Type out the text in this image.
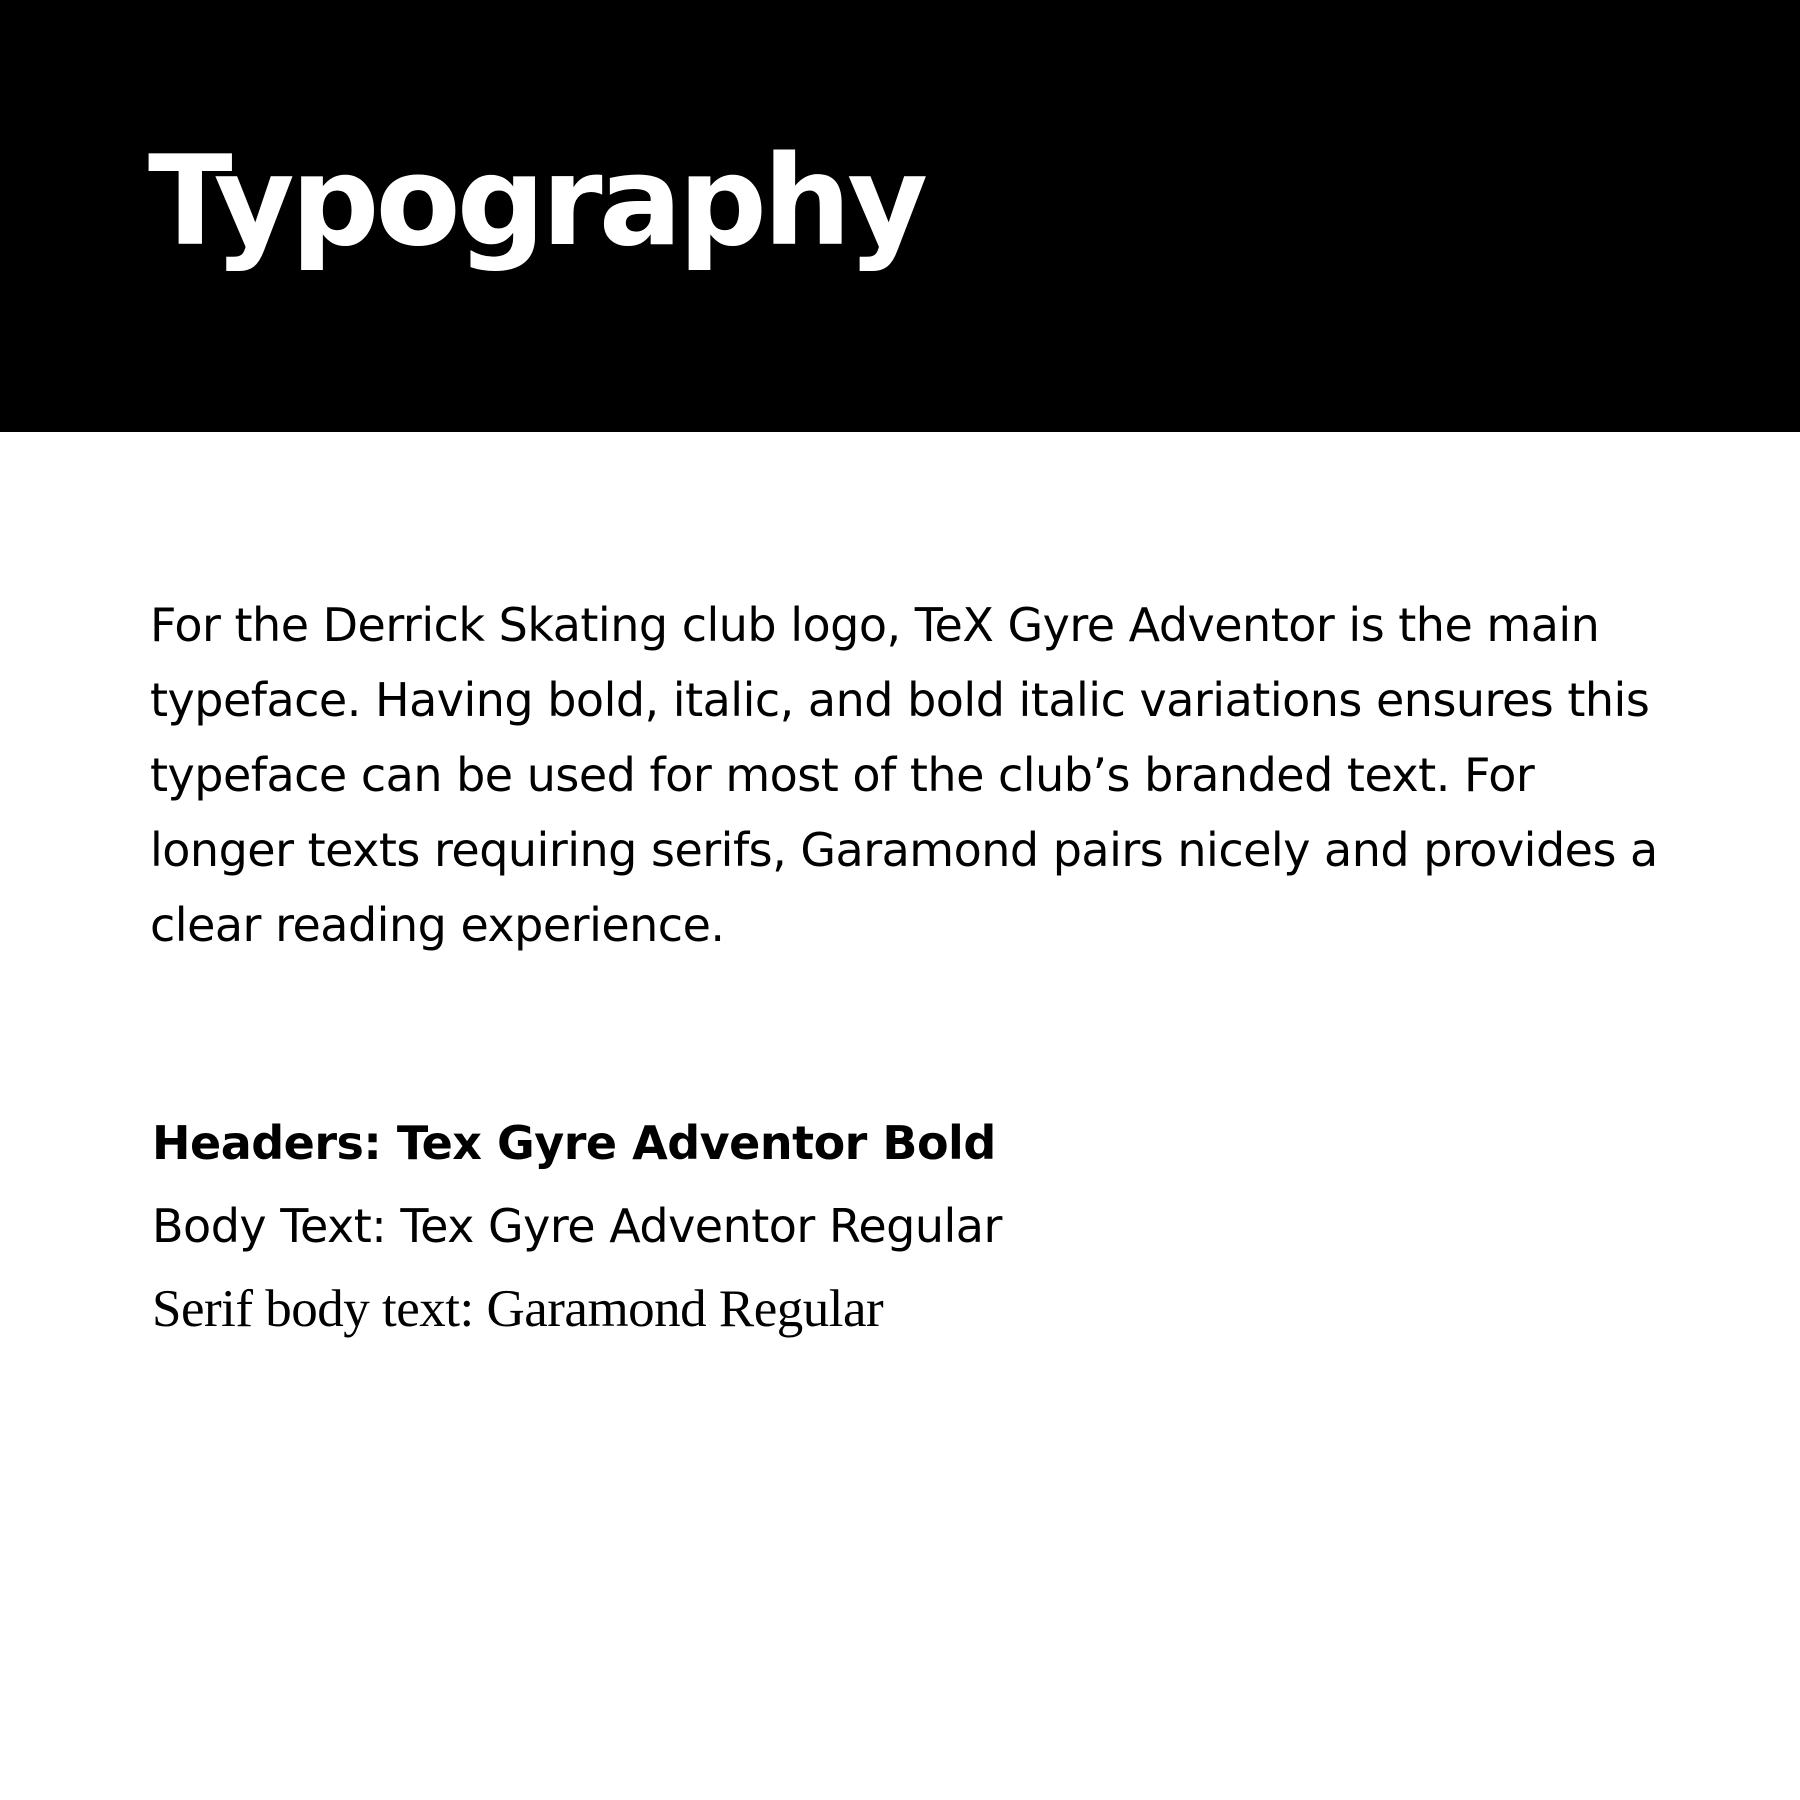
Typography

For the Derrick Skating club logo, TeX Gyre Adventor is the main typeface. Having bold, italic, and bold italic variations ensures this typeface can be used for most of the club’s branded text. For longer texts requiring serifs, Garamond pairs nicely and provides a clear reading experience.

Headers: Tex Gyre Adventor Bold
Body Text: Tex Gyre Adventor Regular
Serif body text: Garamond Regular
